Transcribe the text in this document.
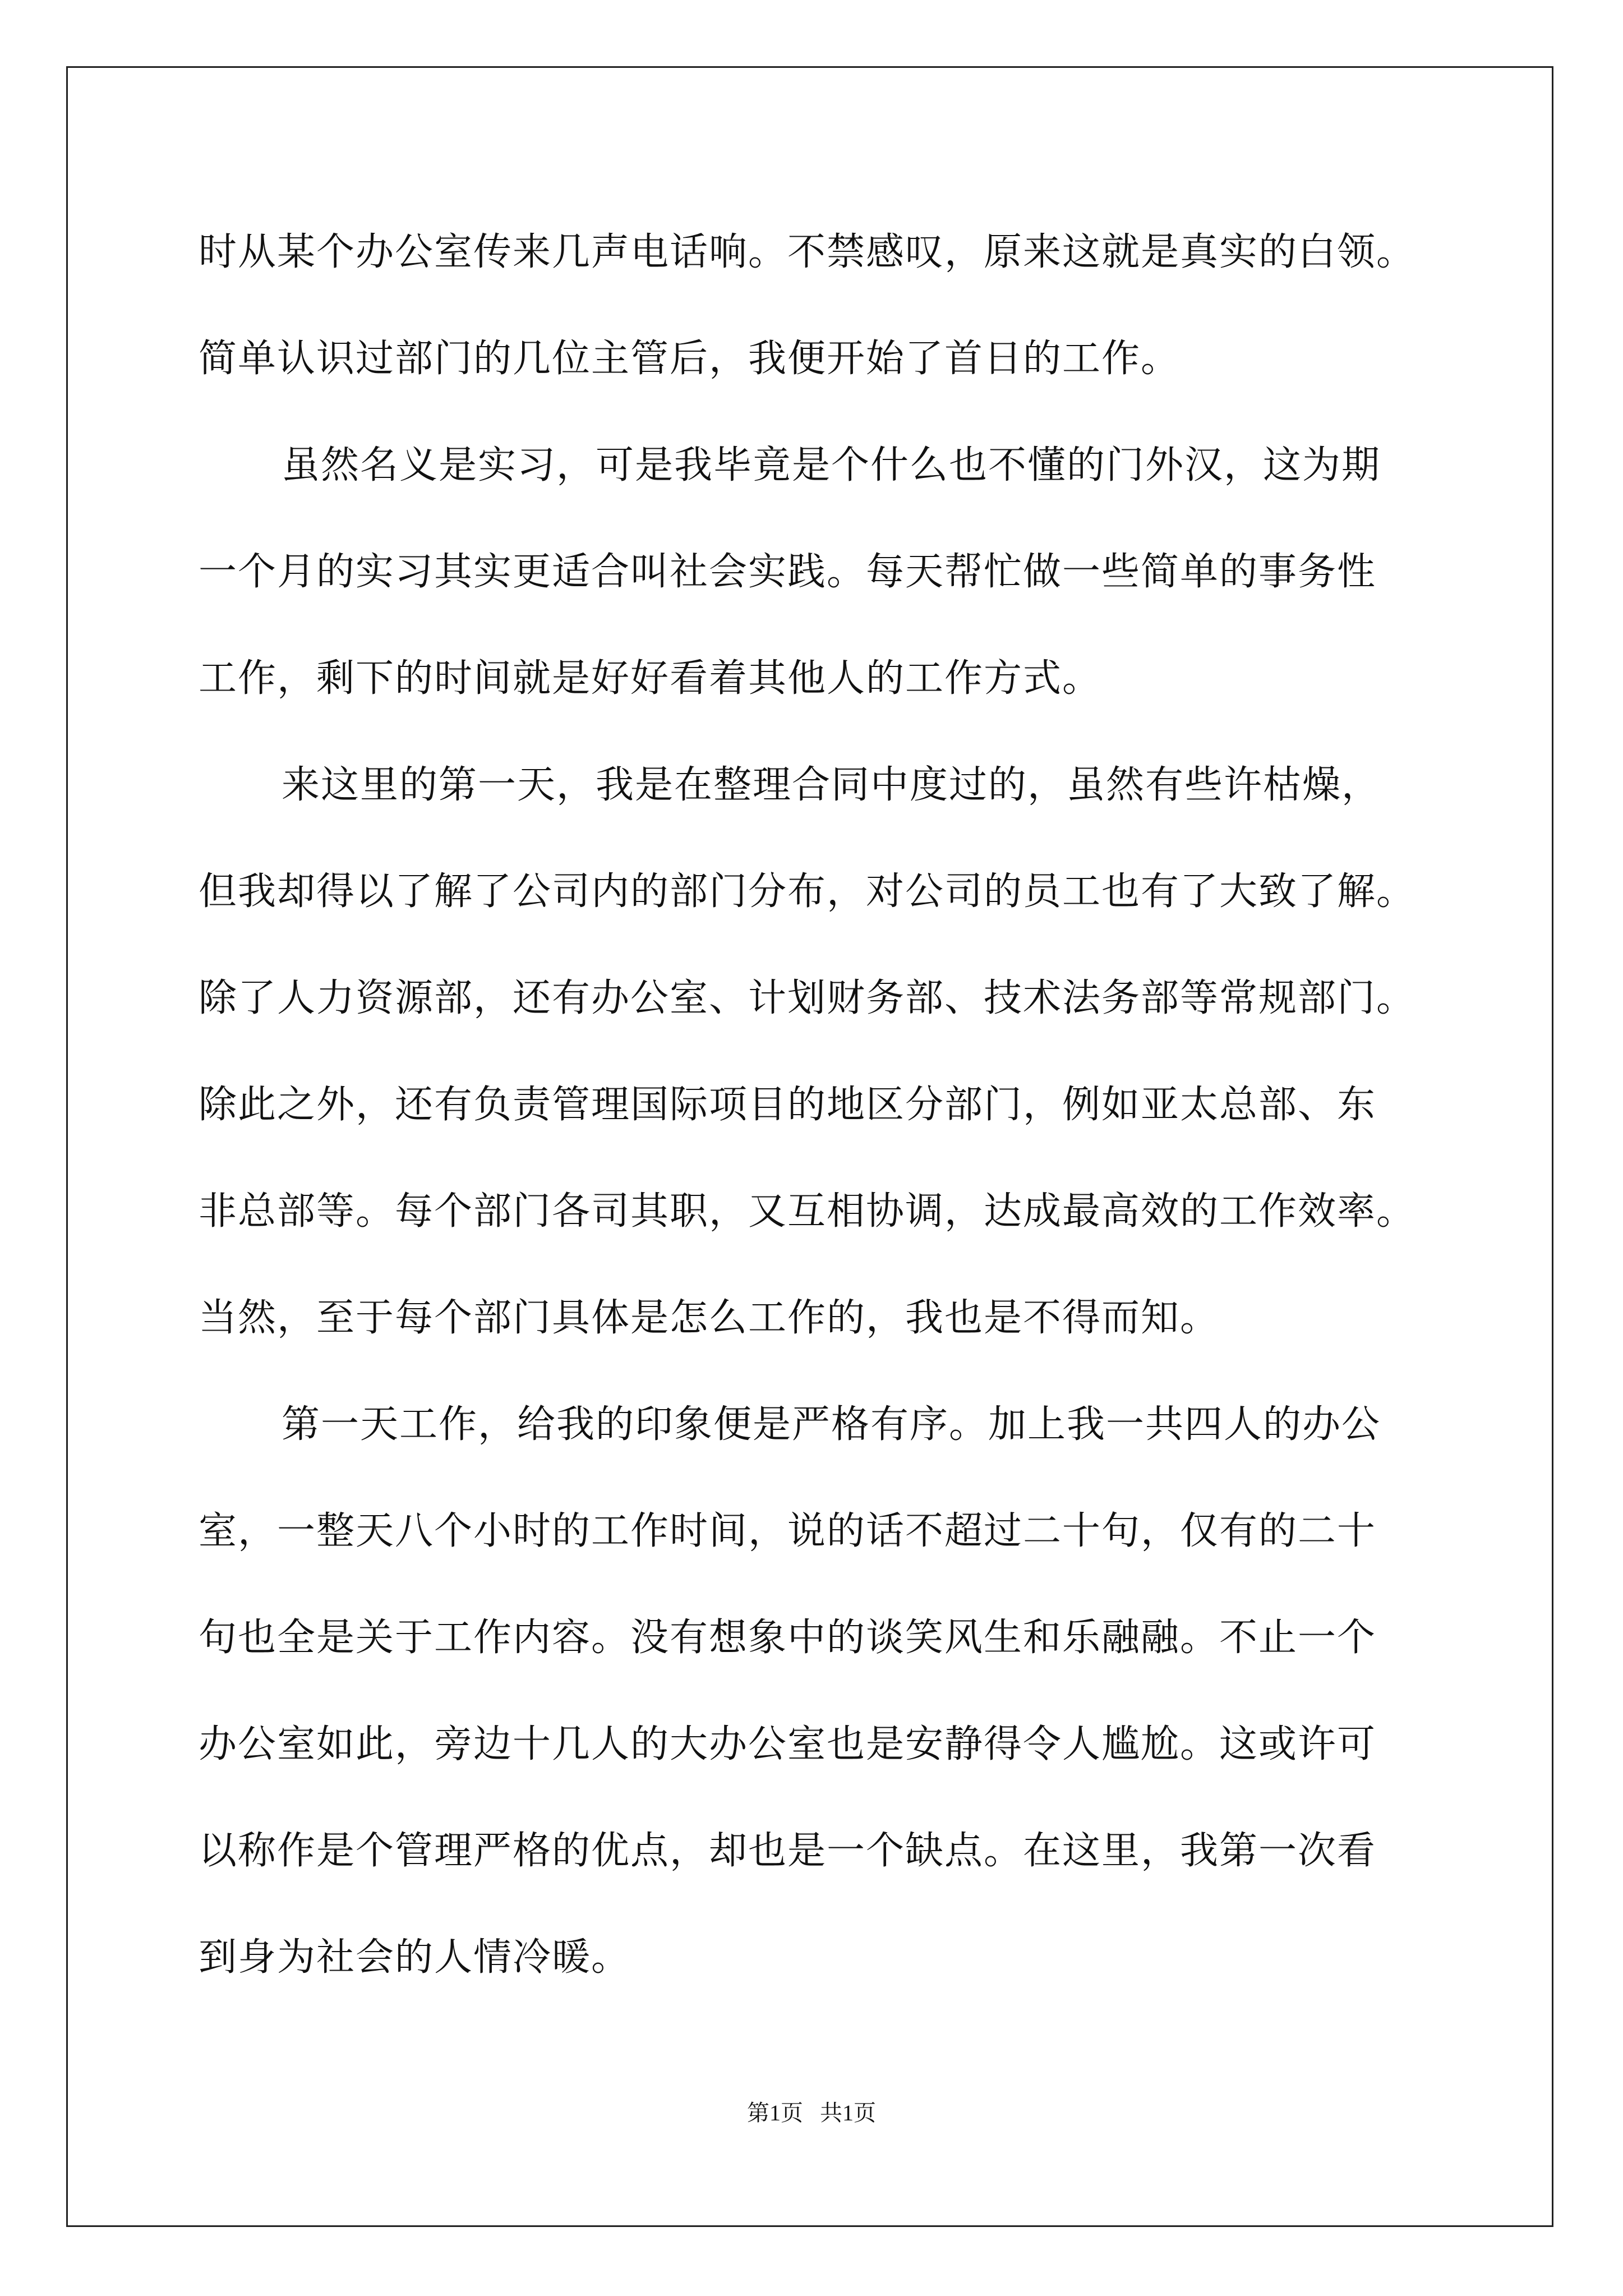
时从某个办公室传来几声电话响。不禁感叹，原来这就是真实的白领。
简单认识过部门的几位主管后，我便开始了首日的工作。
虽然名义是实习，可是我毕竟是个什么也不懂的门外汉，这为期
一个月的实习其实更适合叫社会实践。每天帮忙做一些简单的事务性
工作，剩下的时间就是好好看着其他人的工作方式。
来这里的第一天，我是在整理合同中度过的，虽然有些许枯燥，
但我却得以了解了公司内的部门分布，对公司的员工也有了大致了解。
除了人力资源部，还有办公室、计划财务部、技术法务部等常规部门。
除此之外，还有负责管理国际项目的地区分部门，例如亚太总部、东
非总部等。每个部门各司其职，又互相协调，达成最高效的工作效率。
当然，至于每个部门具体是怎么工作的，我也是不得而知。
第一天工作，给我的印象便是严格有序。加上我一共四人的办公
室，一整天八个小时的工作时间，说的话不超过二十句，仅有的二十
句也全是关于工作内容。没有想象中的谈笑风生和乐融融。不止一个
办公室如此，旁边十几人的大办公室也是安静得令人尴尬。这或许可
以称作是个管理严格的优点，却也是一个缺点。在这里，我第一次看
到身为社会的人情冷暖。
第1页   共1页
